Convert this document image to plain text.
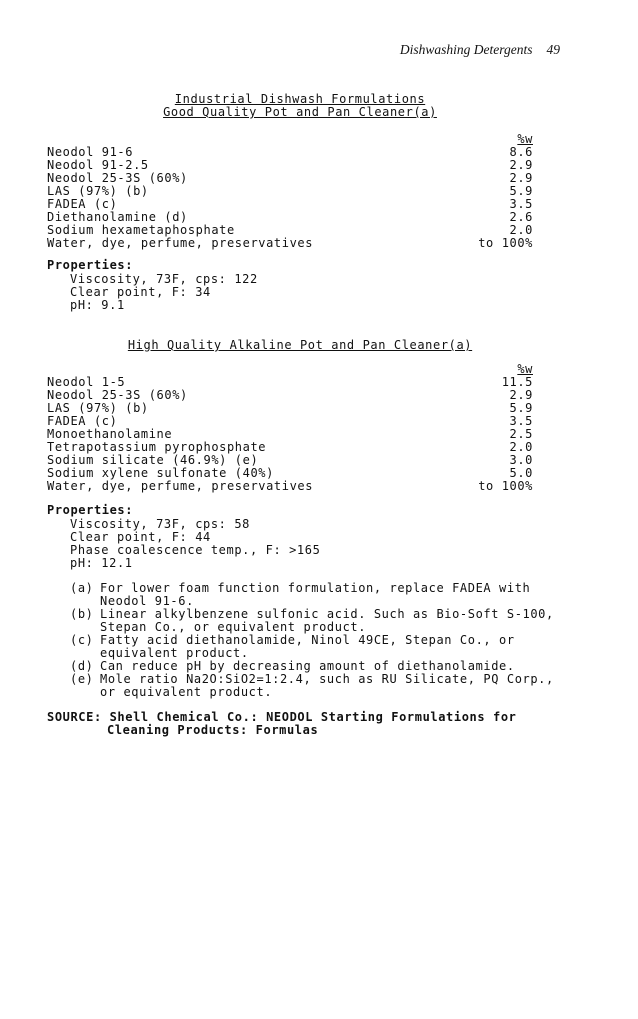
Dishwashing Detergents 49
Industrial Dishwash Formulations
Good Quality Pot and Pan Cleaner(a)
%w
Neodol 91-6	8.6
Neodol 91-2.5	2.9
Neodol 25-3S (60%)	2.9
LAS (97%) (b)	5.9
FADEA (c)	3.5
Diethanolamine (d)	2.6
Sodium hexametaphosphate	2.0
Water, dye, perfume, preservatives	to 100%
Properties:
Viscosity, 73F, cps: 122
Clear point, F: 34
pH: 9.1
High Quality Alkaline Pot and Pan Cleaner(a)
%w
Neodol 1-5	11.5
Neodol 25-3S (60%)	2.9
LAS (97%) (b)	5.9
FADEA (c)	3.5
Monoethanolamine	2.5
Tetrapotassium pyrophosphate	2.0
Sodium silicate (46.9%) (e)	3.0
Sodium xylene sulfonate (40%)	5.0
Water, dye, perfume, preservatives	to 100%
Properties:
Viscosity, 73F, cps: 58
Clear point, F: 44
Phase coalescence temp., F: >165
pH: 12.1
(a) For lower foam function formulation, replace FADEA with Neodol 91-6.
(b) Linear alkylbenzene sulfonic acid. Such as Bio-Soft S-100, Stepan Co., or equivalent product.
(c) Fatty acid diethanolamide, Ninol 49CE, Stepan Co., or equivalent product.
(d) Can reduce pH by decreasing amount of diethanolamide.
(e) Mole ratio Na2O:SiO2=1:2.4, such as RU Silicate, PQ Corp., or equivalent product.
SOURCE: Shell Chemical Co.: NEODOL Starting Formulations for
Cleaning Products: Formulas
